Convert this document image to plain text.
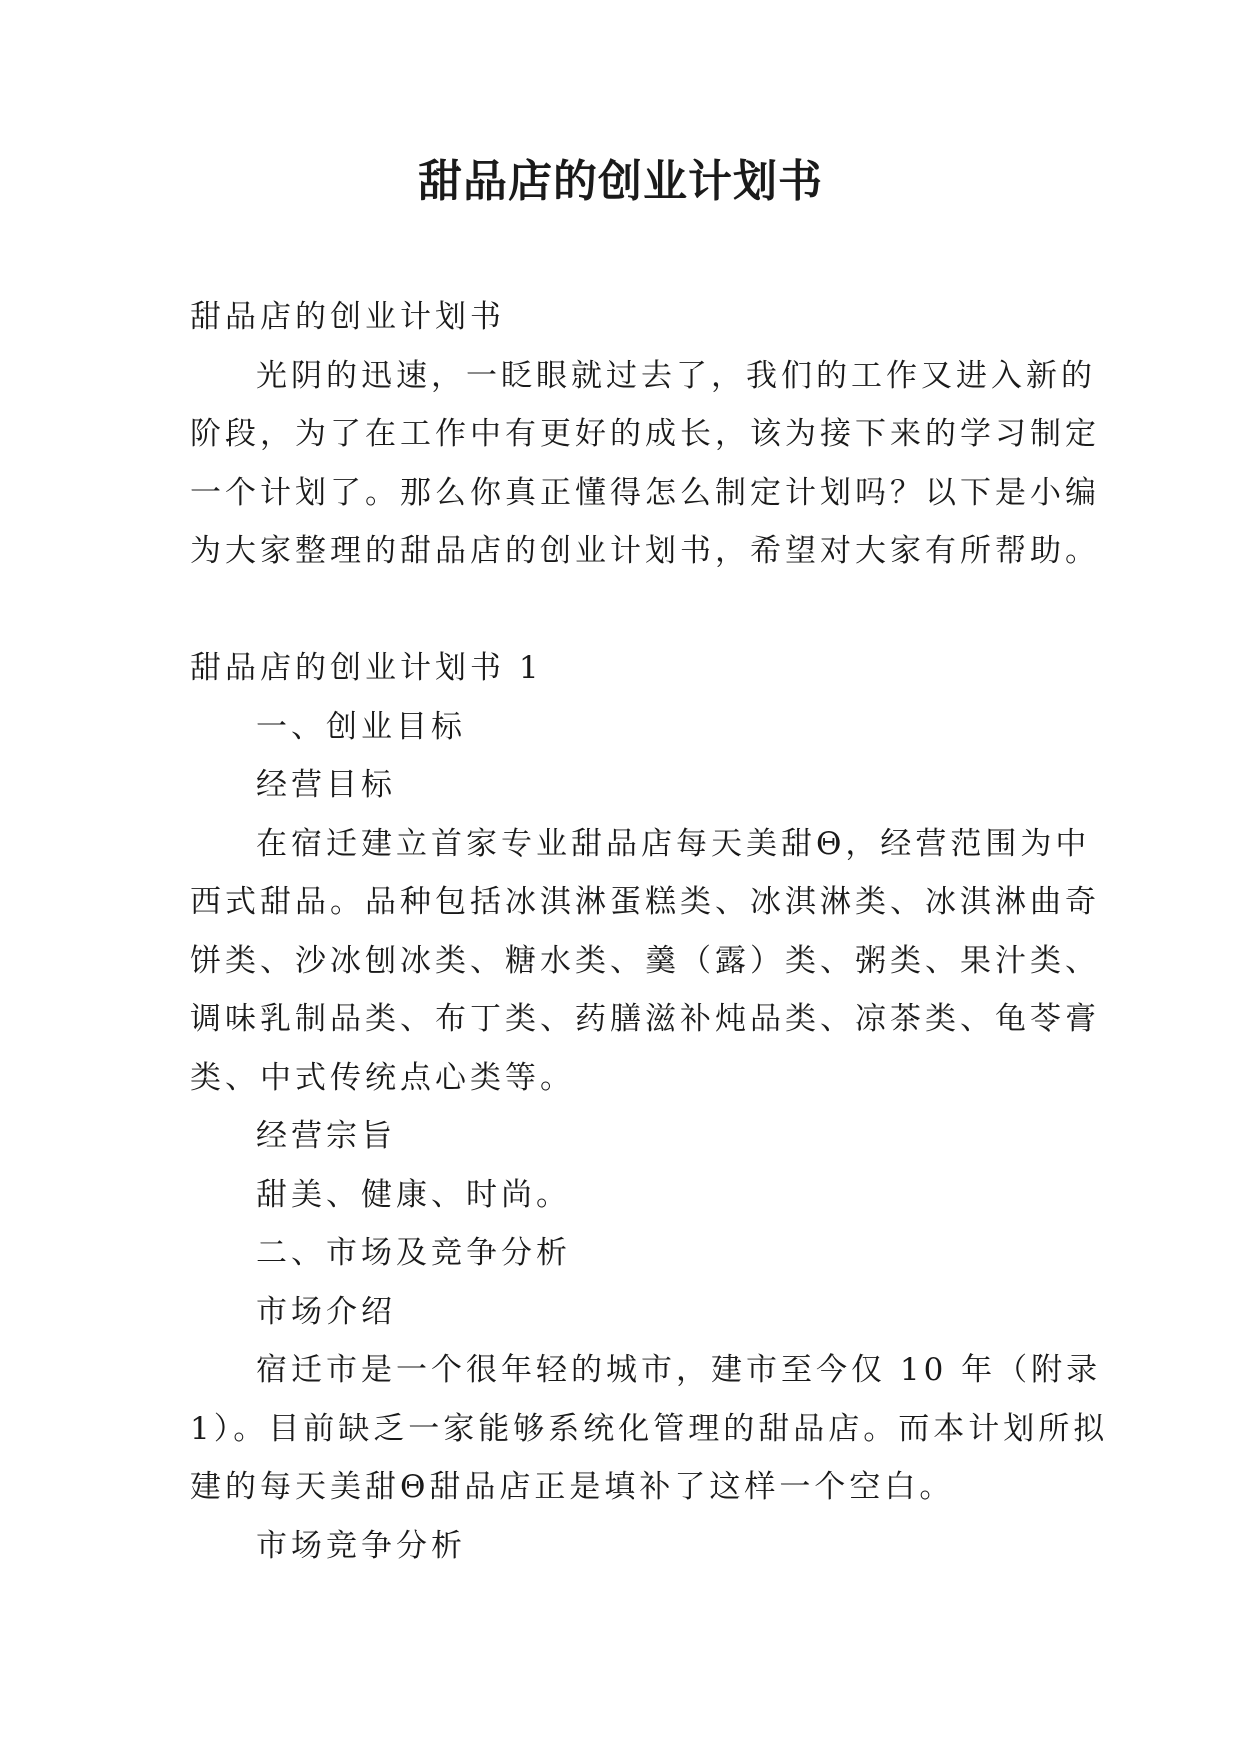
甜品店的创业计划书
甜品店的创业计划书
光阴的迅速，一眨眼就过去了，我们的工作又进入新的
阶段，为了在工作中有更好的成长，该为接下来的学习制定
一个计划了。那么你真正懂得怎么制定计划吗？以下是小编
为大家整理的甜品店的创业计划书，希望对大家有所帮助。
甜品店的创业计划书 1
一、创业目标
经营目标
在宿迁建立首家专业甜品店每天美甜Θ，经营范围为中
西式甜品。品种包括冰淇淋蛋糕类、冰淇淋类、冰淇淋曲奇
饼类、沙冰刨冰类、糖水类、羹（露）类、粥类、果汁类、
调味乳制品类、布丁类、药膳滋补炖品类、凉茶类、龟苓膏
类、中式传统点心类等。
经营宗旨
甜美、健康、时尚。
二、市场及竞争分析
市场介绍
宿迁市是一个很年轻的城市，建市至今仅 10 年（附录
1）。目前缺乏一家能够系统化管理的甜品店。而本计划所拟
建的每天美甜Θ甜品店正是填补了这样一个空白。
市场竞争分析
